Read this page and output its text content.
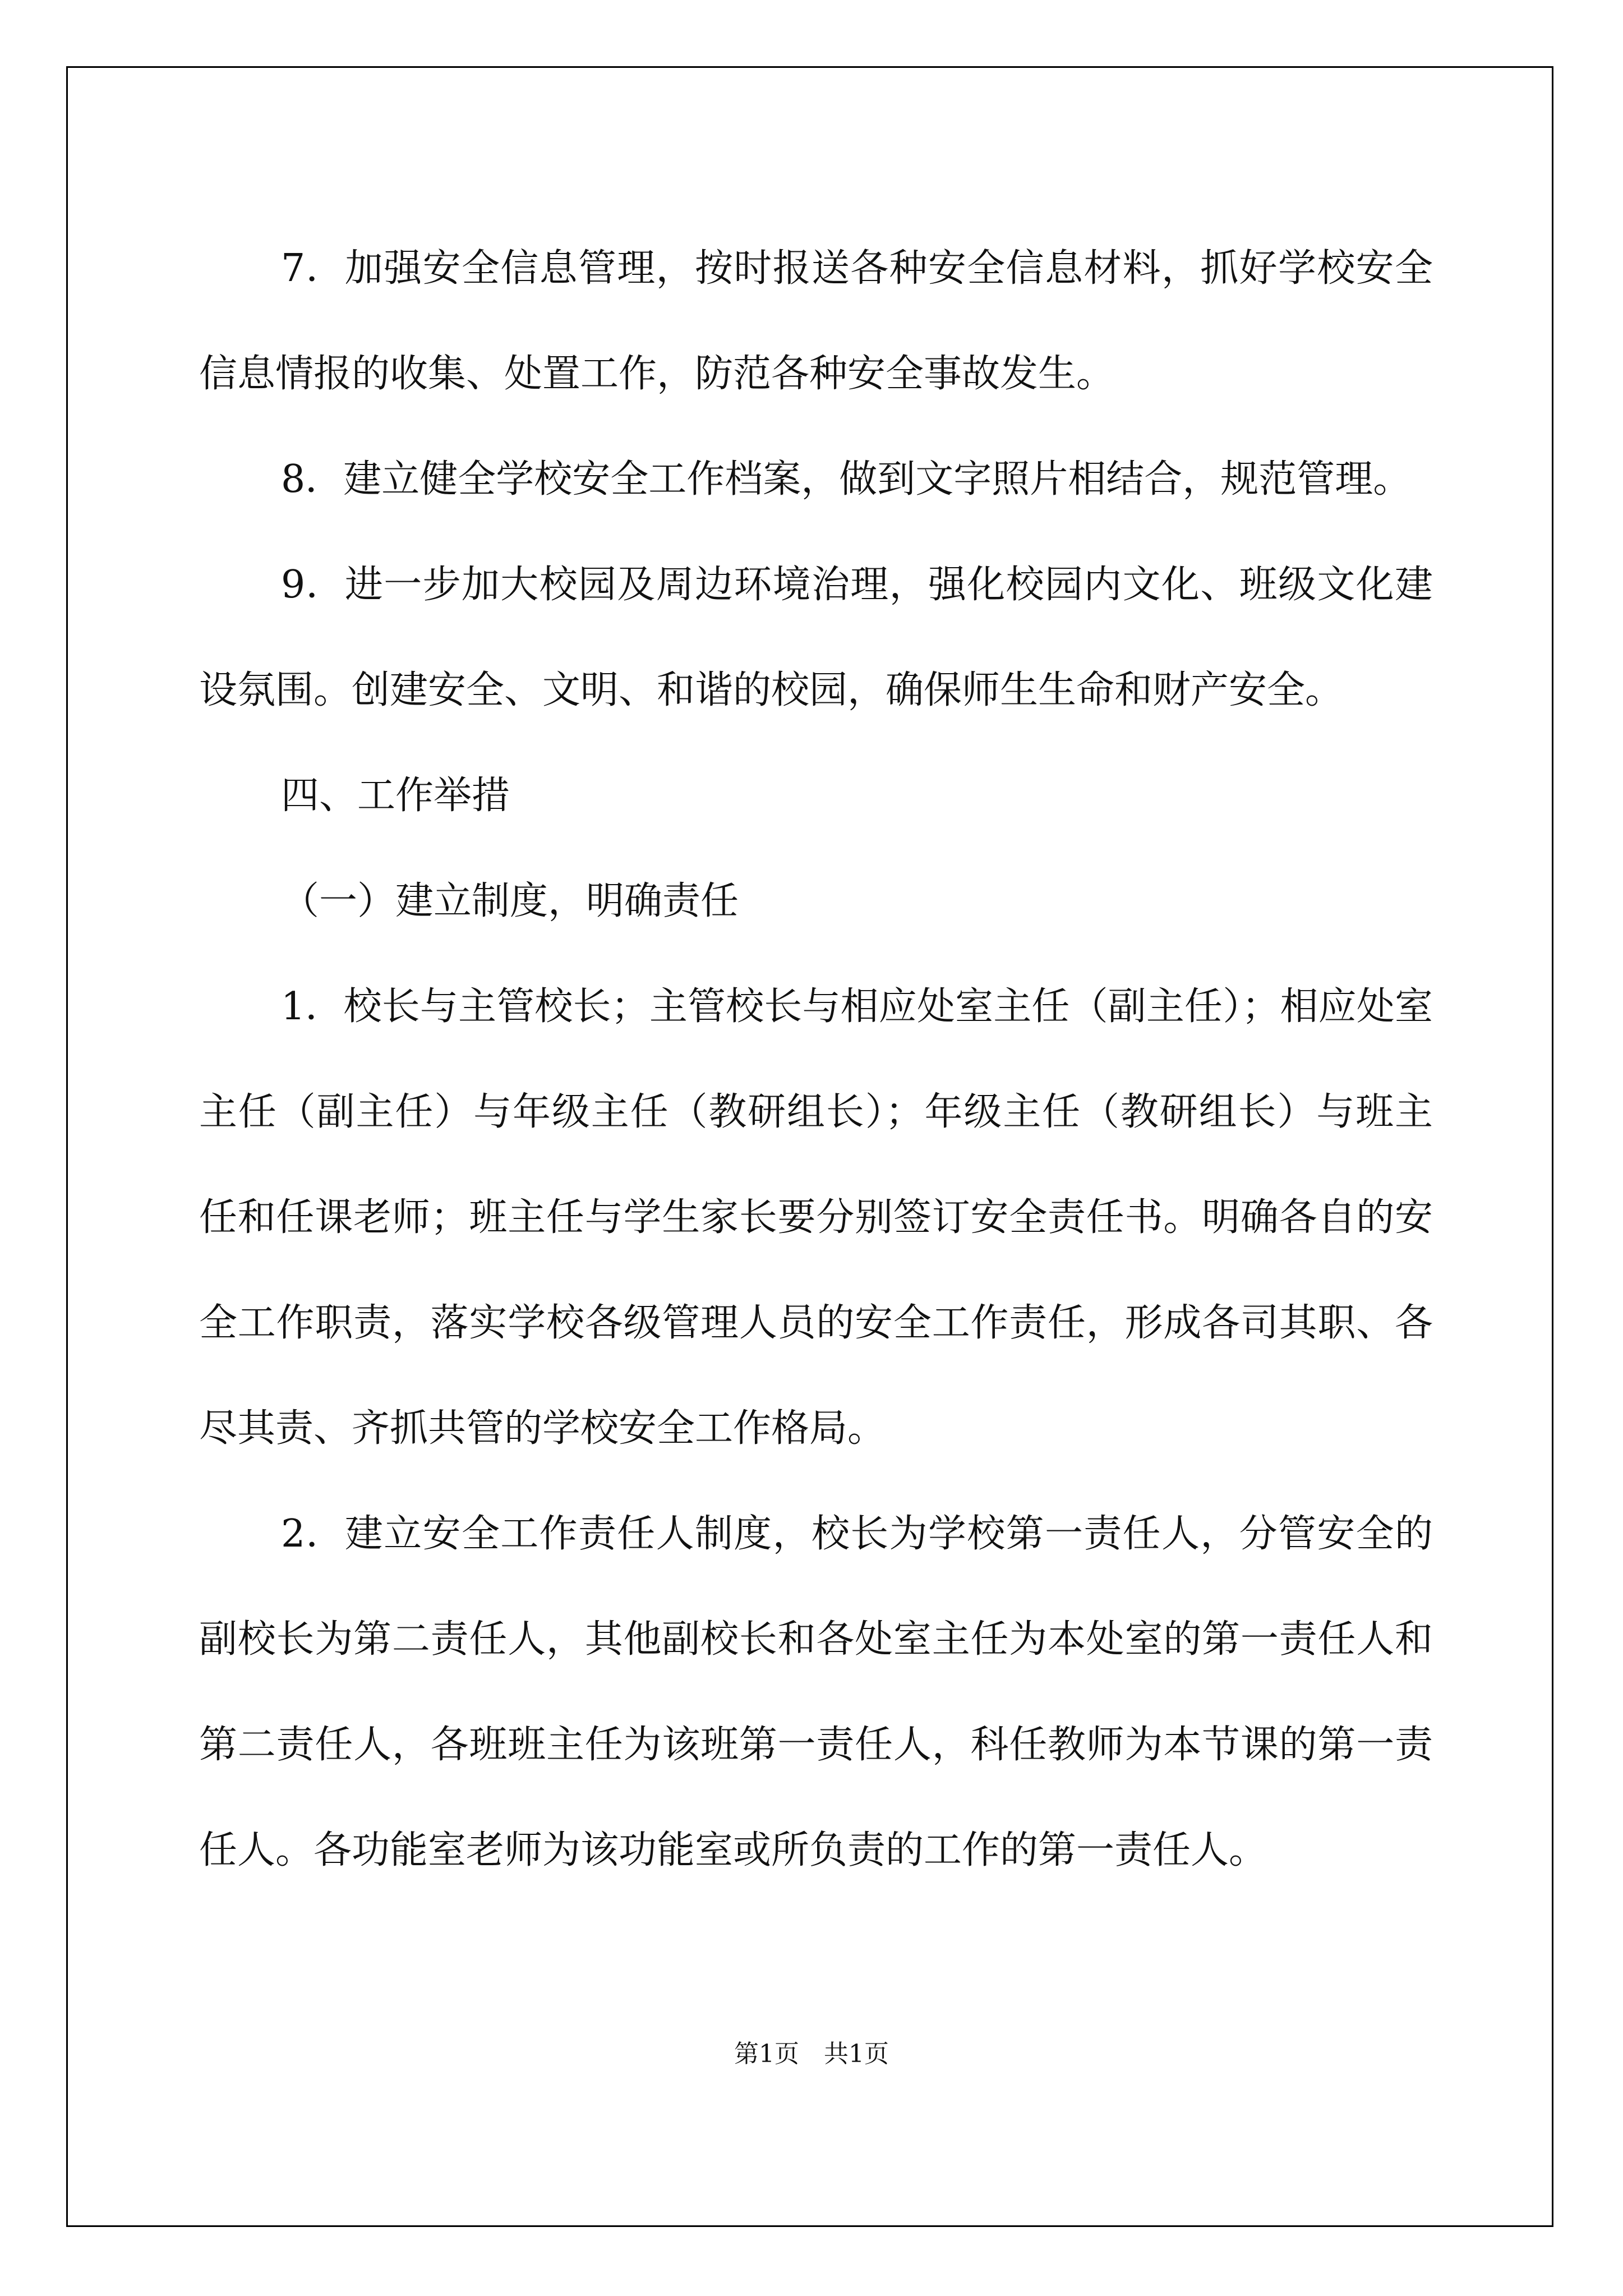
7．加强安全信息管理，按时报送各种安全信息材料，抓好学校安全信息情报的收集、处置工作，防范各种安全事故发生。

8．建立健全学校安全工作档案，做到文字照片相结合，规范管理。

9．进一步加大校园及周边环境治理，强化校园内文化、班级文化建设氛围。创建安全、文明、和谐的校园，确保师生生命和财产安全。

四、工作举措

（一）建立制度，明确责任

1．校长与主管校长；主管校长与相应处室主任（副主任）；相应处室主任（副主任）与年级主任（教研组长）；年级主任（教研组长）与班主任和任课老师；班主任与学生家长要分别签订安全责任书。明确各自的安全工作职责，落实学校各级管理人员的安全工作责任，形成各司其职、各尽其责、齐抓共管的学校安全工作格局。

2．建立安全工作责任人制度，校长为学校第一责任人，分管安全的副校长为第二责任人，其他副校长和各处室主任为本处室的第一责任人和第二责任人，各班班主任为该班第一责任人，科任教师为本节课的第一责任人。各功能室老师为该功能室或所负责的工作的第一责任人。

第1页　共1页
